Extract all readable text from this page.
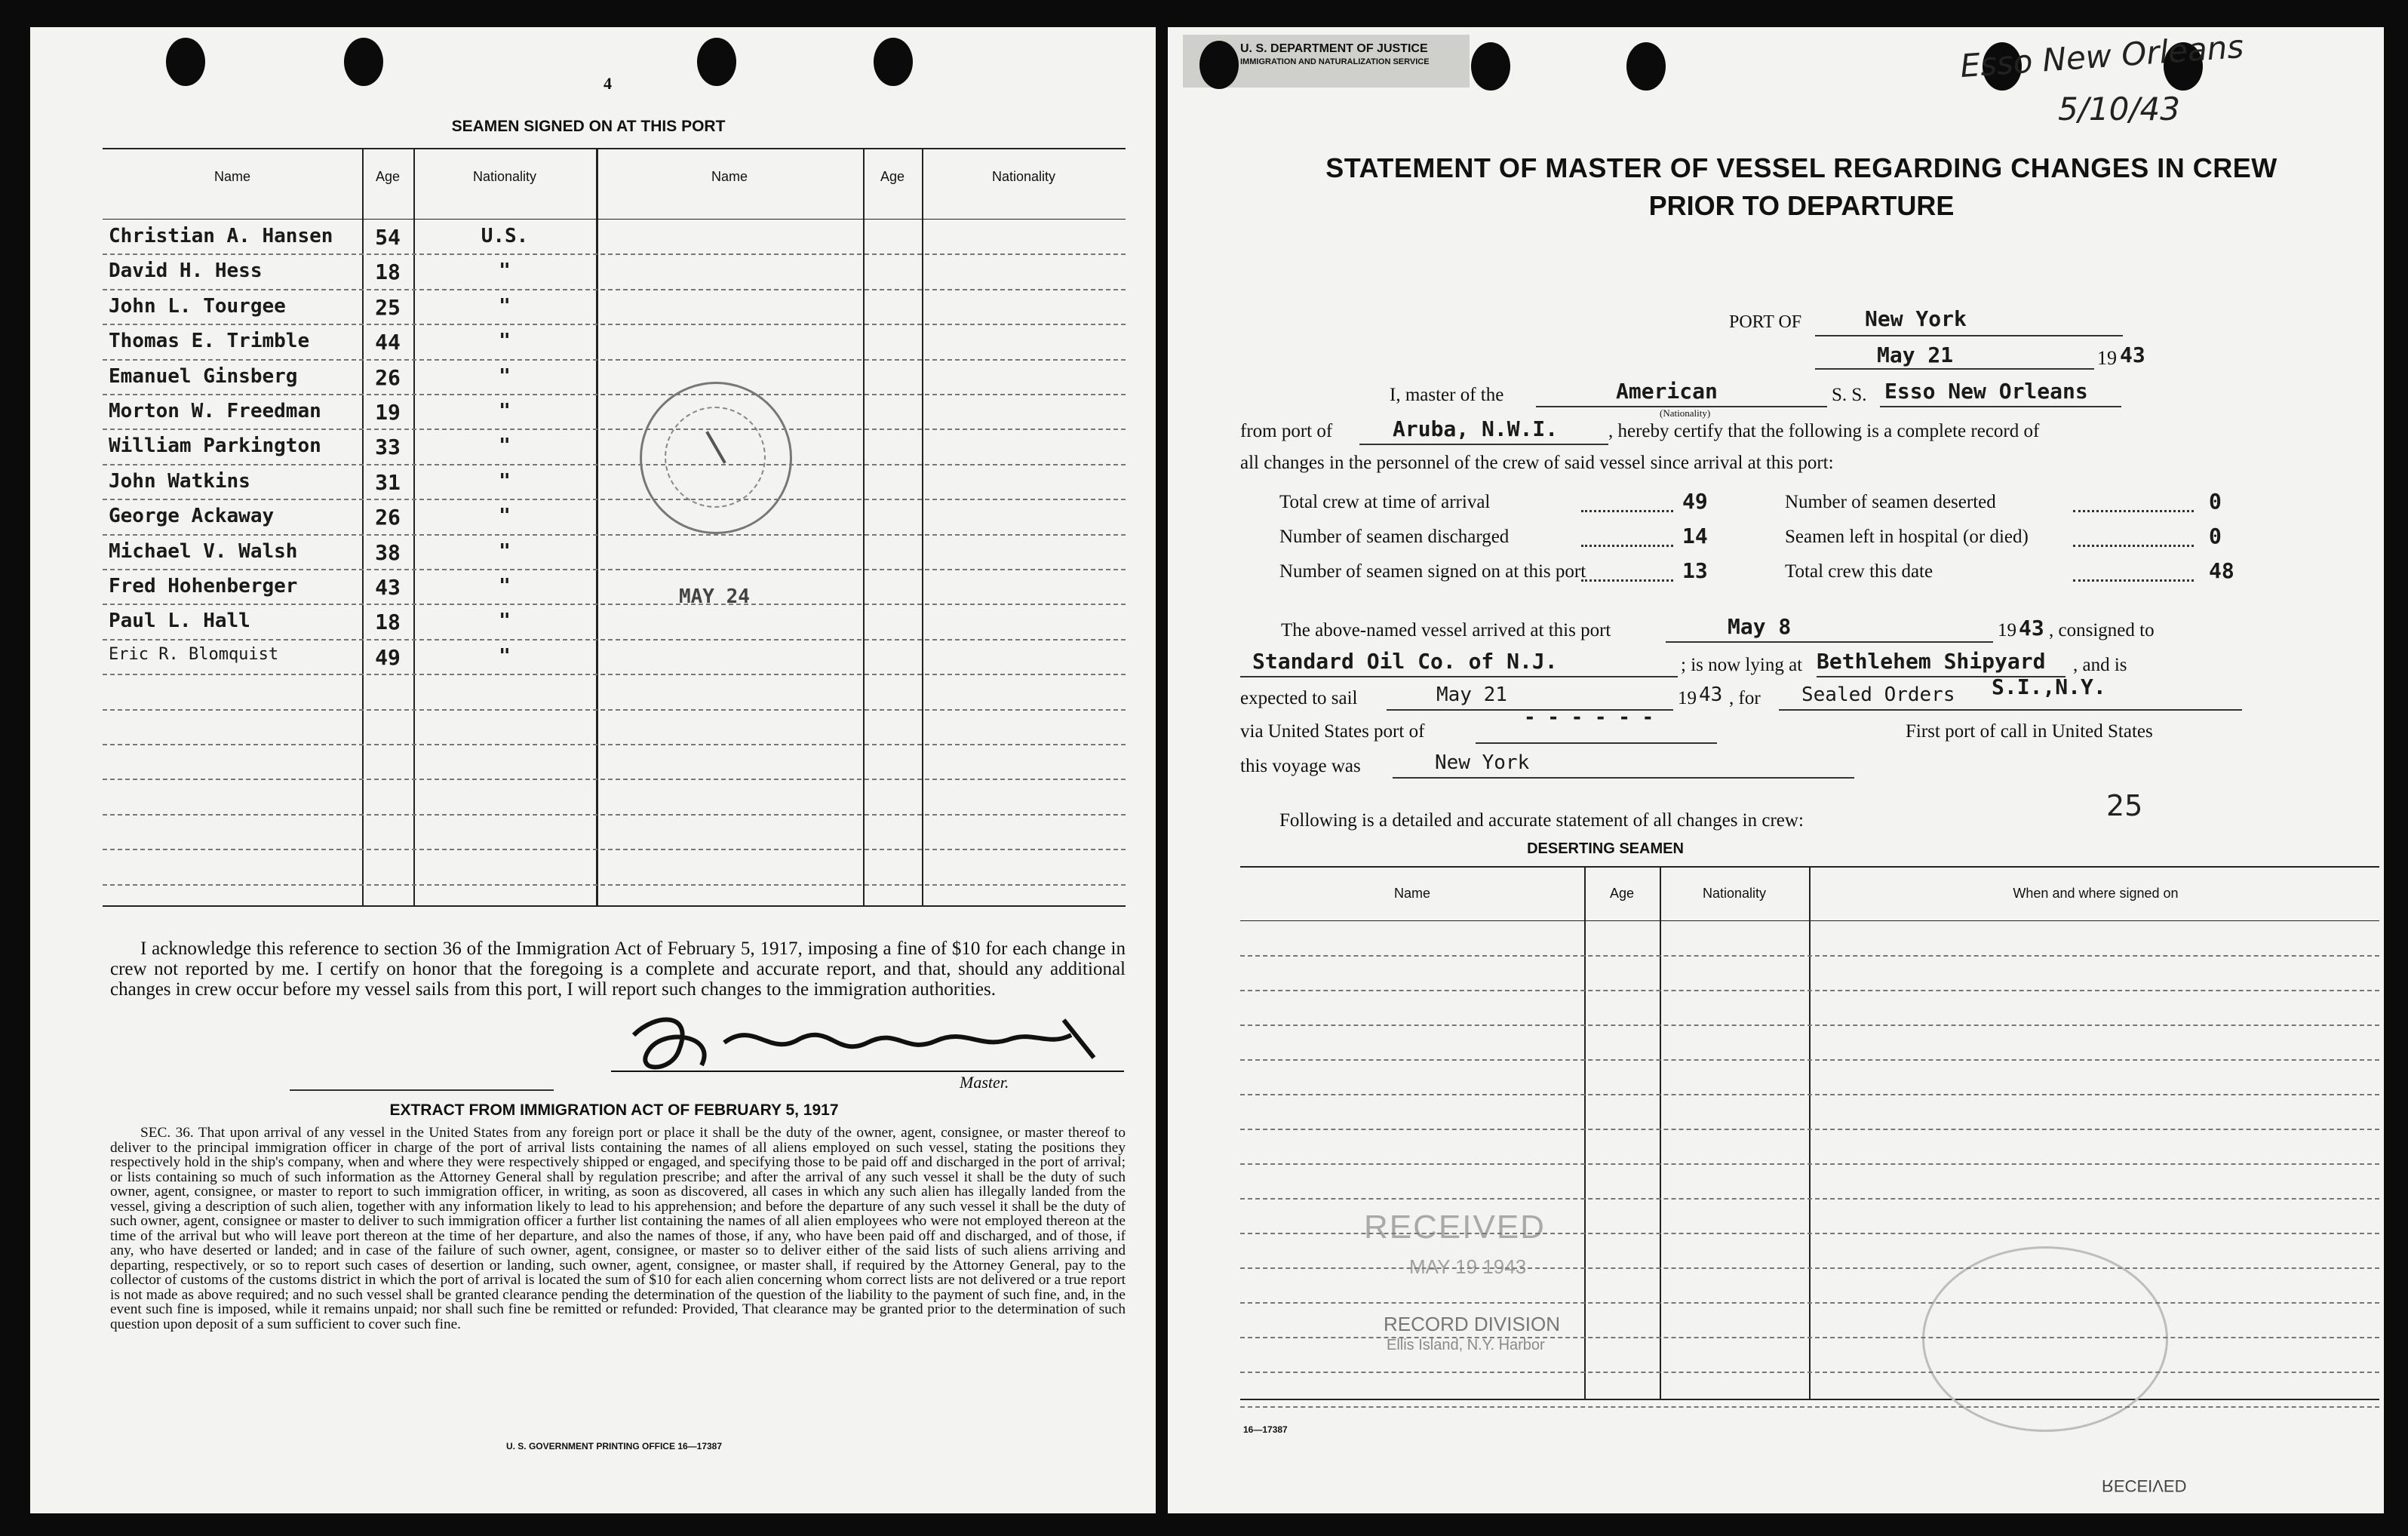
4
SEAMEN SIGNED ON AT THIS PORT
Name	Age	Nationality	Name	Age	Nationality
MAY 24
I acknowledge this reference to section 36 of the Immigration Act of February 5, 1917, imposing a fine of $10 for each change in crew not reported by me. I certify on honor that the foregoing is a complete and accurate report, and that, should any additional changes in crew occur before my vessel sails from this port, I will report such changes to the immigration authorities.
Master.
EXTRACT FROM IMMIGRATION ACT OF FEBRUARY 5, 1917
SEC. 36. That upon arrival of any vessel in the United States from any foreign port or place it shall be the duty of the owner, agent, consignee, or master thereof to deliver to the principal immigration officer in charge of the port of arrival lists containing the names of all aliens employed on such vessel, stating the positions they respectively hold in the ship's company, when and where they were respectively shipped or engaged, and specifying those to be paid off and discharged in the port of arrival; or lists containing so much of such information as the Attorney General shall by regulation prescribe; and after the arrival of any such vessel it shall be the duty of such owner, agent, consignee, or master to report to such immigration officer, in writing, as soon as discovered, all cases in which any such alien has illegally landed from the vessel, giving a description of such alien, together with any information likely to lead to his apprehension; and before the departure of any such vessel it shall be the duty of such owner, agent, consignee or master to deliver to such immigration officer a further list containing the names of all alien employees who were not employed thereon at the time of the arrival but who will leave port thereon at the time of her departure, and also the names of those, if any, who have been paid off and discharged, and of those, if any, who have deserted or landed; and in case of the failure of such owner, agent, consignee, or master so to deliver either of the said lists of such aliens arriving and departing, respectively, or so to report such cases of desertion or landing, such owner, agent, consignee, or master shall, if required by the Attorney General, pay to the collector of customs of the customs district in which the port of arrival is located the sum of $10 for each alien concerning whom correct lists are not delivered or a true report is not made as above required; and no such vessel shall be granted clearance pending the determination of the question of the liability to the payment of such fine, and, in the event such fine is imposed, while it remains unpaid; nor shall such fine be remitted or refunded: Provided, That clearance may be granted prior to the determination of such question upon deposit of a sum sufficient to cover such fine.
U. S. GOVERNMENT PRINTING OFFICE 16—17387
Christian A. Hansen	54	U.S.
David H. Hess	18	"
John L. Tourgee	25	"
Thomas E. Trimble	44	"
Emanuel Ginsberg	26	"
Morton W. Freedman	19	"
William Parkington	33	"
John Watkins	31	"
George Ackaway	26	"
Michael V. Walsh	38	"
Fred Hohenberger	43	"
Paul L. Hall	18	"
Eric R. Blomquist	49	"
U. S. DEPARTMENT OF JUSTICE
IMMIGRATION AND NATURALIZATION SERVICE	Esso New Orleans
5/10/43
STATEMENT OF MASTER OF VESSEL REGARDING CHANGES IN CREW
PRIOR TO DEPARTURE
PORT OF	New York
May 21	19 43
I, master of the	American
(Nationality)
S. S. Esso New Orleans
from port of	Aruba, N.W.I.	, hereby certify that the following is a complete record of
all changes in the personnel of the crew of said vessel since arrival at this port:
The above-named vessel arrived at this port	May 8	19 43 , consigned to
Standard Oil Co. of N.J.	; is now lying at Bethlehem Shipyard , and is
expected to sail	May 21	19 43 , for Sealed Orders S.I.,N.Y.
via United States port of
- - - - - -
First port of call in United States
this voyage was	New York
Following is a detailed and accurate statement of all changes in crew:	25
DESERTING SEAMEN
Name	Age	Nationality	When and where signed on
RECEIVED
MAY 19 1943
RECORD DIVISION
Ellis Island, N.Y. Harbor
16—17387
RECEIVED
Total crew at time of arrival	49	Number of seamen deserted	0
Number of seamen discharged	14	Seamen left in hospital (or died)	0
Number of seamen signed on at this port	13	Total crew this date	48
